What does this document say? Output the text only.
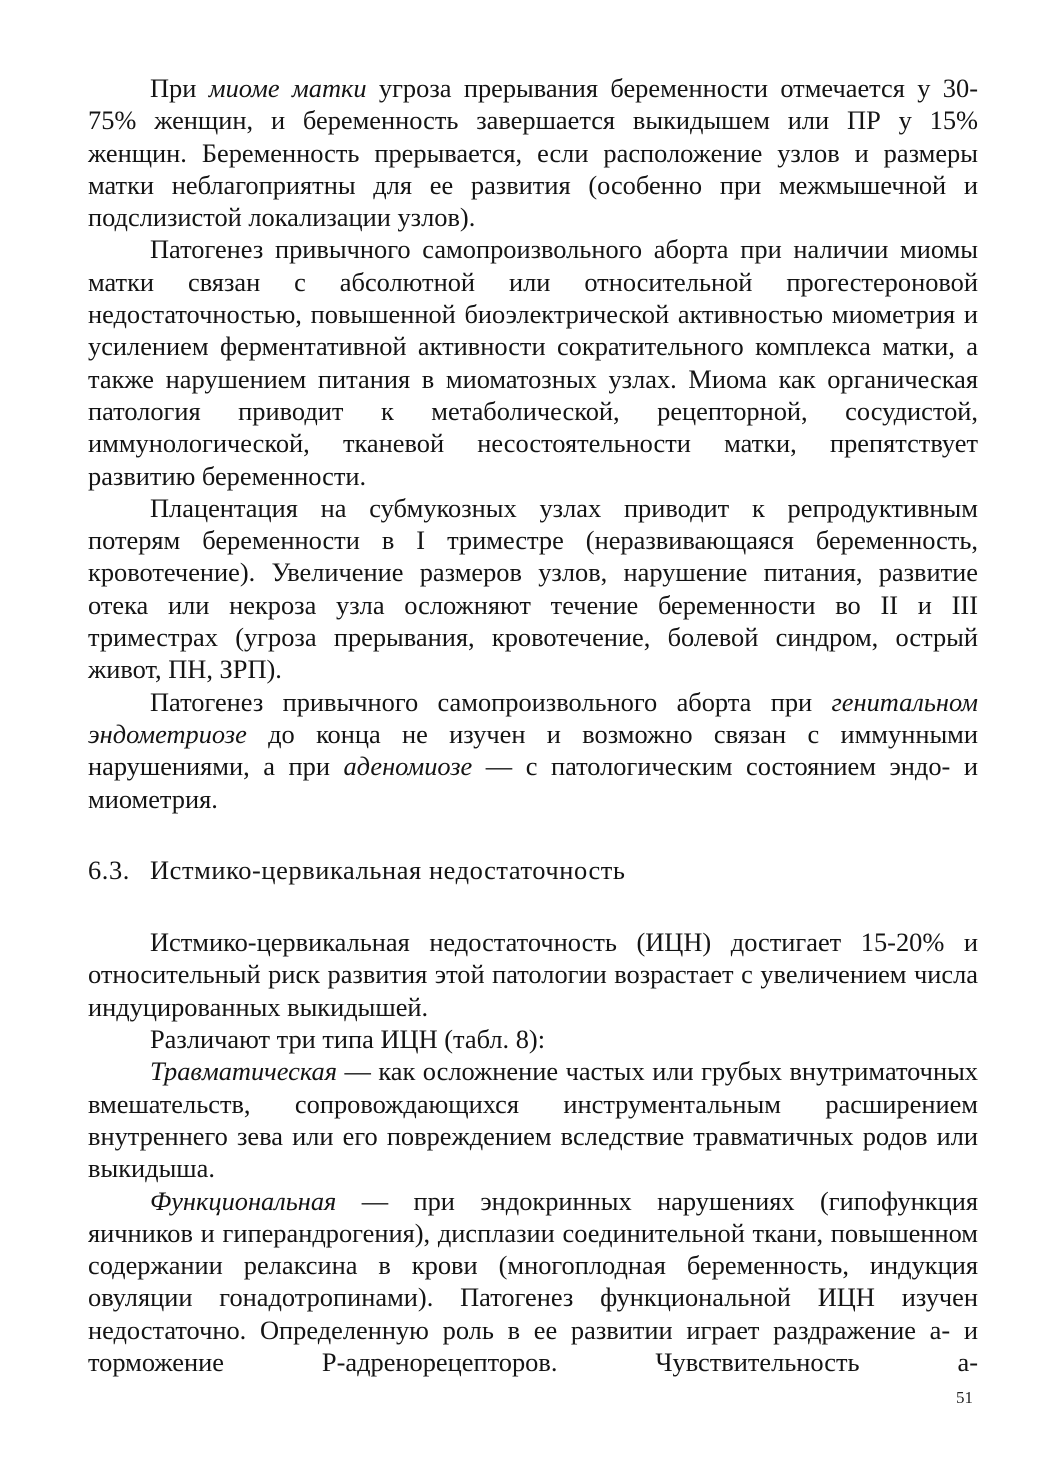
При миоме матки угроза прерывания беременности отмечается у 30-75% женщин, и беременность завершается выкидышем или ПР у 15% женщин. Беременность прерывается, если расположение узлов и размеры матки неблагоприятны для ее развития (особенно при межмышечной и подслизистой локализации узлов).

Патогенез привычного самопроизвольного аборта при наличии миомы матки связан с абсолютной или относительной прогестероновой недостаточностью, повышенной биоэлектрической активностью миометрия и усилением ферментативной активности сократительного комплекса матки, а также нарушением питания в миоматозных узлах. Миома как органическая патология приводит к метаболической, рецепторной, сосудистой, иммунологической, тканевой несостоятельности матки, препятствует развитию беременности.

Плацентация на субмукозных узлах приводит к репродуктивным потерям беременности в I триместре (неразвивающаяся беременность, кровотечение). Увеличение размеров узлов, нарушение питания, развитие отека или некроза узла осложняют течение беременности во II и III триместрах (угроза прерывания, кровотечение, болевой синдром, острый живот, ПН, ЗРП).

Патогенез привычного самопроизвольного аборта при генитальном эндометриозе до конца не изучен и возможно связан с иммунными нарушениями, а при аденомиозе — с патологическим состоянием эндо- и миометрия.

6.3. Истмико-цервикальная недостаточность

Истмико-цервикальная недостаточность (ИЦН) достигает 15-20% и относительный риск развития этой патологии возрастает с увеличением числа индуцированных выкидышей.

Различают три типа ИЦН (табл. 8):

Травматическая — как осложнение частых или грубых внутриматочных вмешательств, сопровождающихся инструментальным расширением внутреннего зева или его повреждением вследствие травматичных родов или выкидыша.

Функциональная — при эндокринных нарушениях (гипофункция яичников и гиперандрогения), дисплазии соединительной ткани, повышенном содержании релаксина в крови (многоплодная беременность, индукция овуляции гонадотропинами). Патогенез функциональной ИЦН изучен недостаточно. Определенную роль в ее развитии играет раздражение а- и торможение Р-адренорецепторов. Чувствительность а-

51
